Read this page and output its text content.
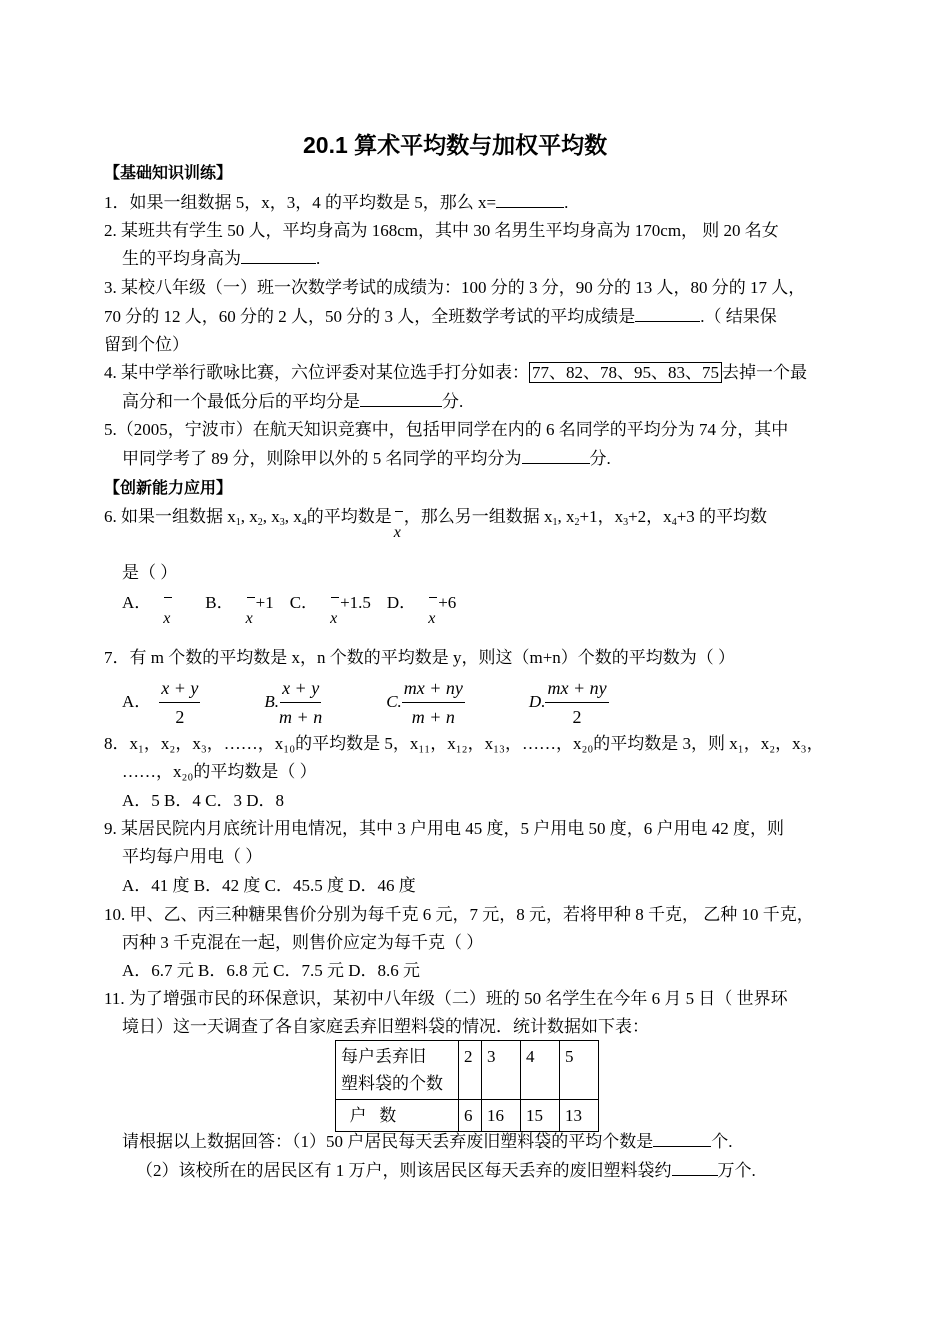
20.1 算术平均数与加权平均数
【基础知识训练】
1．如果一组数据 5，x，3，4 的平均数是 5，那么 x=	.
2. 某班共有学生 50 人，平均身高为 168cm，其中 30 名男生平均身高为 170cm， 则 20 名女
生的平均身高为	.
3. 某校八年级（一）班一次数学考试的成绩为：100 分的 3 分，90 分的 13 人，80 分的 17 人，
70 分的 12 人，60 分的 2 人，50 分的 3 人，全班数学考试的平均成绩是	.（ 结果保
留到个位）
4. 某中学举行歌咏比赛，六位评委对某位选手打分如表： 77、82、78、95、83、75 去掉一个最
高分和一个最低分后的平均分是	分.
5.（2005，宁波市）在航天知识竞赛中，包括甲同学在内的 6 名同学的平均分为 74 分，其中
甲同学考了 89 分，则除甲以外的 5 名同学的平均分为	分.
【创新能力应用】
6. 如果一组数据 $x_1$, $x_2$, $x_3$, $x_4$的平均数是
x
，那么另一组数据 $x_1$, $x_2+1$，$x_3+2$，$x_4+3$ 的平均数
是（ ）
A．
x
B．
x
+1 C．
x
+1.5 D．
x
+6
7．有 m 个数的平均数是 x，n 个数的平均数是 y，则这（m+n）个数的平均数为（ ）
A． $\frac{x + y}{2}$	B. $\frac{x + y}{m + n}$	C. $\frac{mx + ny}{m + n}$	D. $\frac{mx + ny}{2}$
8．x₁，x₂，x₃，……，x₁₀的平均数是 5，x₁₁，x₁₂，x₁₃，……，x₂₀的平均数是 3，则 x₁，x₂，x₃，
……，x₂₀的平均数是（ ）
A．5 B．4 C．3 D．8
9. 某居民院内月底统计用电情况，其中 3 户用电 45 度，5 户用电 50 度，6 户用电 42 度，则
平均每户用电（ ）
A．41 度 B．42 度 C．45.5 度 D．46 度
10. 甲、乙、丙三种糖果售价分别为每千克 6 元，7 元，8 元，若将甲种 8 千克， 乙种 10 千克，
丙种 3 千克混在一起，则售价应定为每千克（ ）
A．6.7 元 B．6.8 元 C．7.5 元 D．8.6 元
11. 为了增强市民的环保意识，某初中八年级（二）班的 50 名学生在今年 6 月 5 日（ 世界环
境日）这一天调查了各自家庭丢弃旧塑料袋的情况．统计数据如下表：
每户丢弃旧
塑料袋的个数	2	3	4	5
户   数	6	16	15	13
请根据以上数据回答：（1）50 户居民每天丢弃废旧塑料袋的平均个数是	个.
（2）该校所在的居民区有 1 万户，则该居民区每天丢弃的废旧塑料袋约	万个.
